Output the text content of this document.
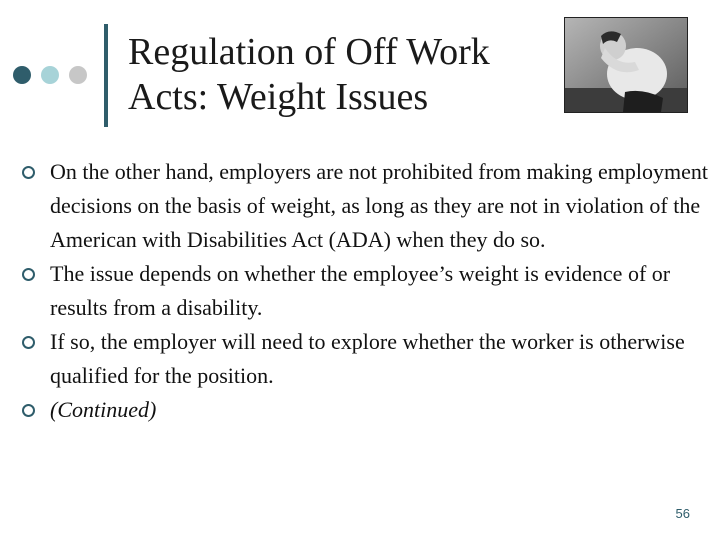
Regulation of Off Work Acts: Weight Issues
On the other hand, employers are not prohibited from making employment decisions on the basis of weight, as long as they are not in violation of the American with Disabilities Act (ADA) when they do so.
The issue depends on whether the employee’s weight is evidence of or results from a disability.
If so, the employer will need to explore whether the worker is otherwise qualified for the position.
(Continued)
56
